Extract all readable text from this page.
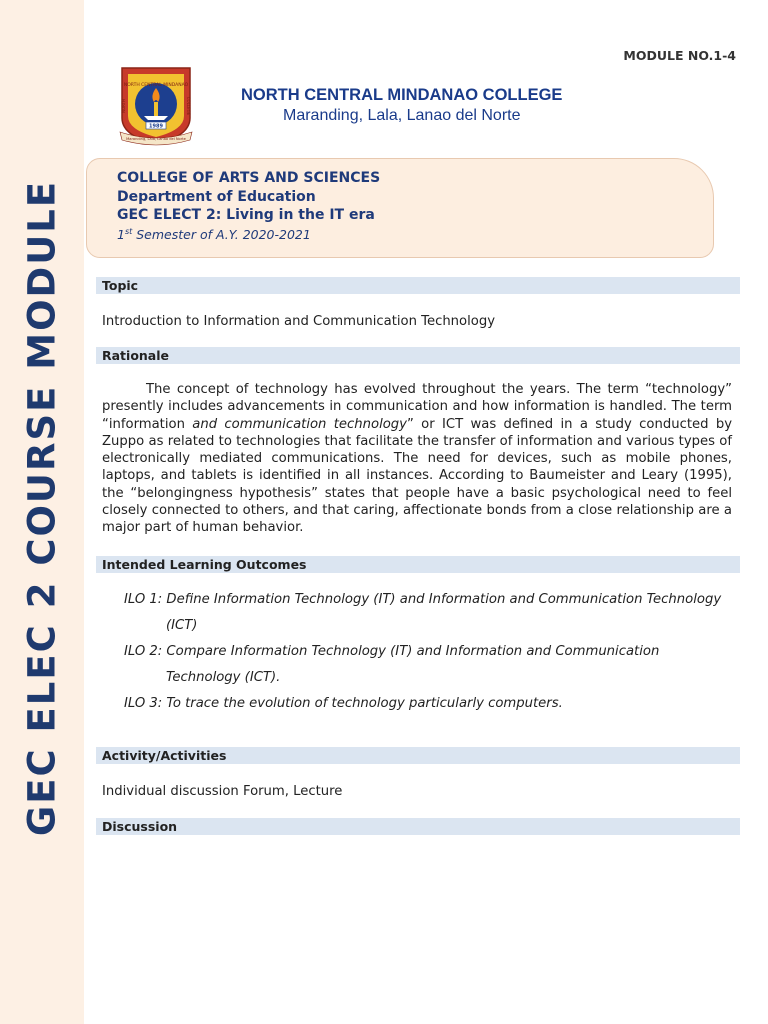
GEC ELEC 2 COURSE MODULE
MODULE NO.1-4
NORTH CENTRAL MINDANAO
NORTH	COLLEGE
1989
Maranding, Lala, Lanao del Norte
NORTH CENTRAL MINDANAO COLLEGE
Maranding, Lala, Lanao del Norte
COLLEGE OF ARTS AND SCIENCES
Department of Education
GEC ELECT 2: Living in the IT era
1st Semester of A.Y. 2020-2021
Topic
Introduction to Information and Communication Technology
Rationale
The concept of technology has evolved throughout the years. The term “technology” presently includes advancements in communication and how information is handled. The term “information and communication technology” or ICT was defined in a study conducted by Zuppo as related to technologies that facilitate the transfer of information and various types of electronically mediated communications. The need for devices, such as mobile phones, laptops, and tablets is identified in all instances. According to Baumeister and Leary (1995), the “belongingness hypothesis” states that people have a basic psychological need to feel closely connected to others, and that caring, affectionate bonds from a close relationship are a major part of human behavior.
Intended Learning Outcomes
ILO 1: Define Information Technology (IT) and Information and Communication Technology
(ICT)
ILO 2: Compare Information Technology (IT) and Information and Communication
Technology (ICT).
ILO 3: To trace the evolution of technology particularly computers.
Activity/Activities
Individual discussion Forum, Lecture
Discussion
